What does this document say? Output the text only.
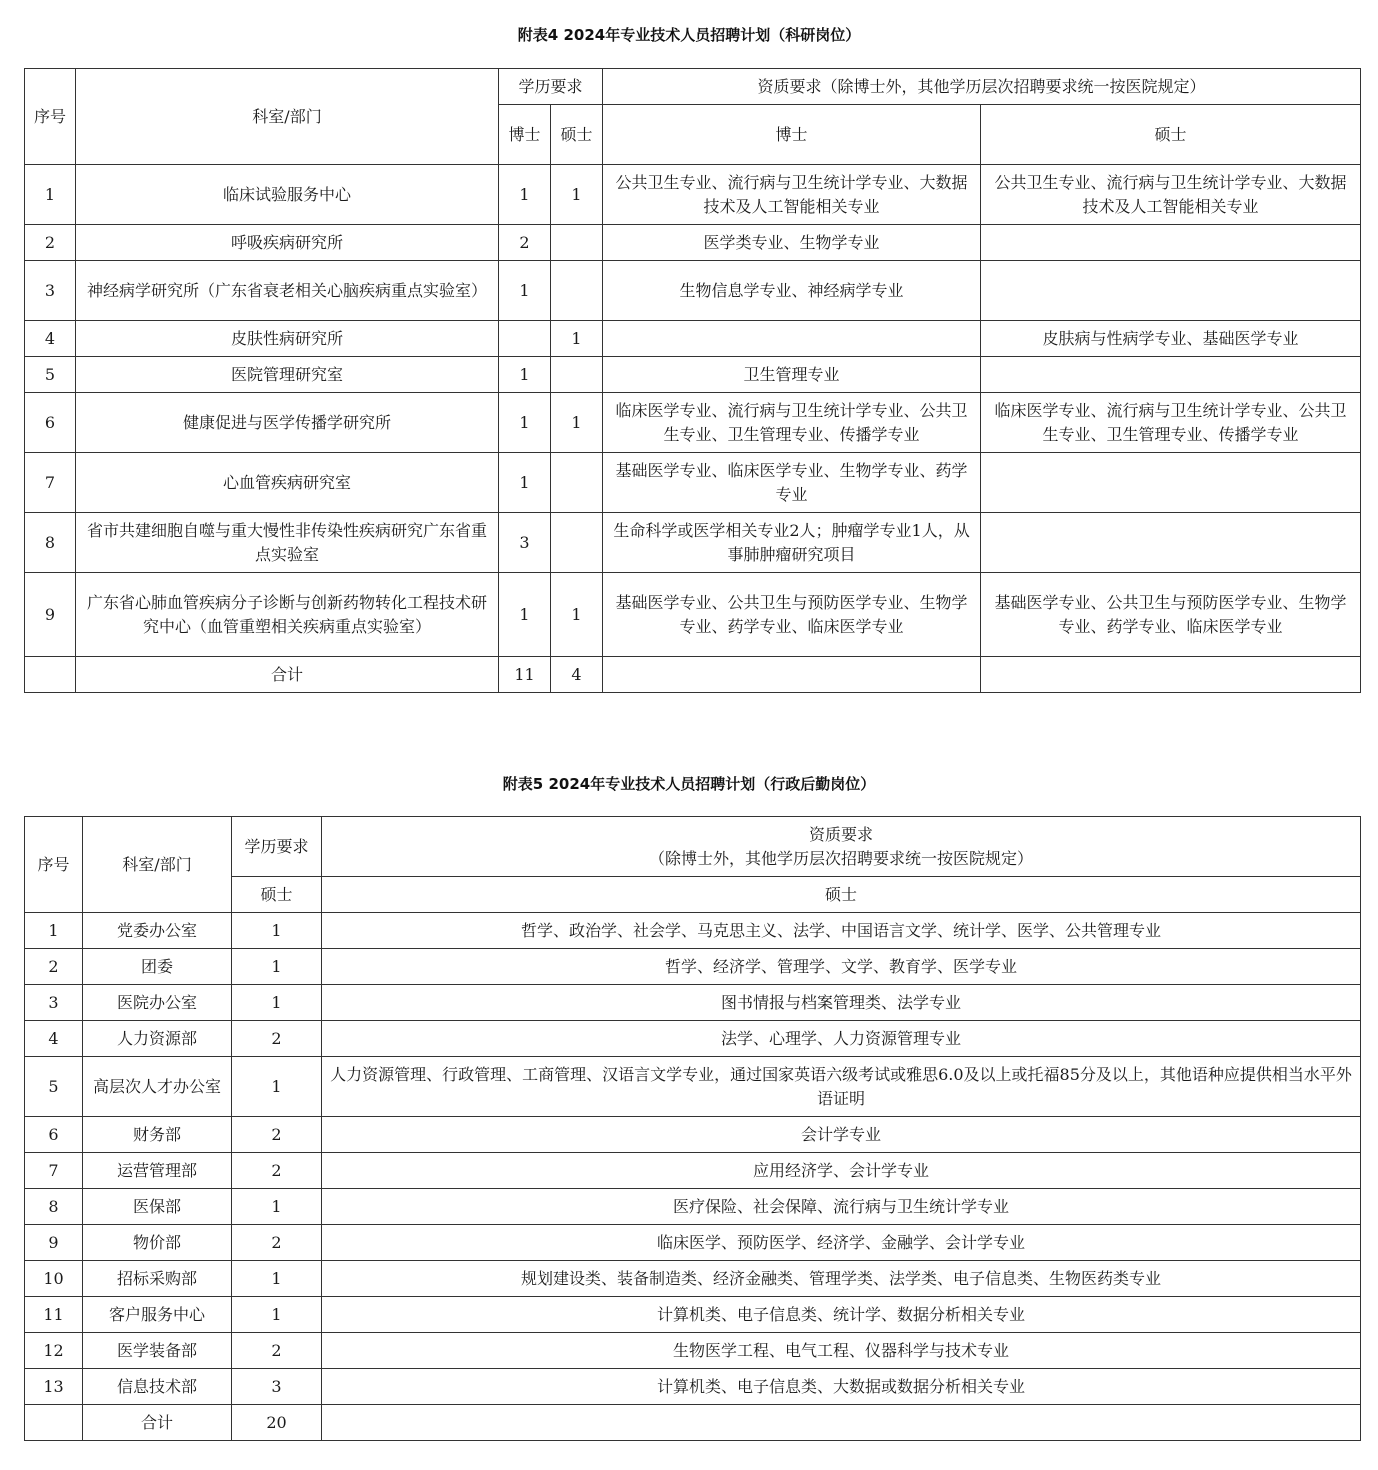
附表4 2024年专业技术人员招聘计划（科研岗位）
序号	科室/部门	学历要求		资质要求（除博士外，其他学历层次招聘要求统一按医院规定）	
		博士	硕士	博士	硕士
1	临床试验服务中心	1	1	公共卫生专业、流行病与卫生统计学专业、大数据技术及人工智能相关专业	公共卫生专业、流行病与卫生统计学专业、大数据技术及人工智能相关专业
2	呼吸疾病研究所	2		医学类专业、生物学专业	
3	神经病学研究所（广东省衰老相关心脑疾病重点实验室）	1		生物信息学专业、神经病学专业	
4	皮肤性病研究所		1		皮肤病与性病学专业、基础医学专业
5	医院管理研究室	1		卫生管理专业	
6	健康促进与医学传播学研究所	1	1	临床医学专业、流行病与卫生统计学专业、公共卫生专业、卫生管理专业、传播学专业	临床医学专业、流行病与卫生统计学专业、公共卫生专业、卫生管理专业、传播学专业
7	心血管疾病研究室	1		基础医学专业、临床医学专业、生物学专业、药学专业	
8	省市共建细胞自噬与重大慢性非传染性疾病研究广东省重点实验室	3		生命科学或医学相关专业2人；肿瘤学专业1人，从事肺肿瘤研究项目	
9	广东省心肺血管疾病分子诊断与创新药物转化工程技术研究中心（血管重塑相关疾病重点实验室）	1	1	基础医学专业、公共卫生与预防医学专业、生物学专业、药学专业、临床医学专业	基础医学专业、公共卫生与预防医学专业、生物学专业、药学专业、临床医学专业
	合计	11	4		
附表5 2024年专业技术人员招聘计划（行政后勤岗位）
序号	科室/部门	学历要求	资质要求
（除博士外，其他学历层次招聘要求统一按医院规定）

		硕士	硕士
1	党委办公室	1	哲学、政治学、社会学、马克思主义、法学、中国语言文学、统计学、医学、公共管理专业
2	团委	1	哲学、经济学、管理学、文学、教育学、医学专业
3	医院办公室	1	图书情报与档案管理类、法学专业
4	人力资源部	2	法学、心理学、人力资源管理专业
5	高层次人才办公室	1	人力资源管理、行政管理、工商管理、汉语言文学专业，通过国家英语六级考试或雅思6.0及以上或托福85分及以上，其他语种应提供相当水平外语证明
6	财务部	2	会计学专业
7	运营管理部	2	应用经济学、会计学专业
8	医保部	1	医疗保险、社会保障、流行病与卫生统计学专业
9	物价部	2	临床医学、预防医学、经济学、金融学、会计学专业
10	招标采购部	1	规划建设类、装备制造类、经济金融类、管理学类、法学类、电子信息类、生物医药类专业
11	客户服务中心	1	计算机类、电子信息类、统计学、数据分析相关专业
12	医学装备部	2	生物医学工程、电气工程、仪器科学与技术专业
13	信息技术部	3	计算机类、电子信息类、大数据或数据分析相关专业
	合计	20	
